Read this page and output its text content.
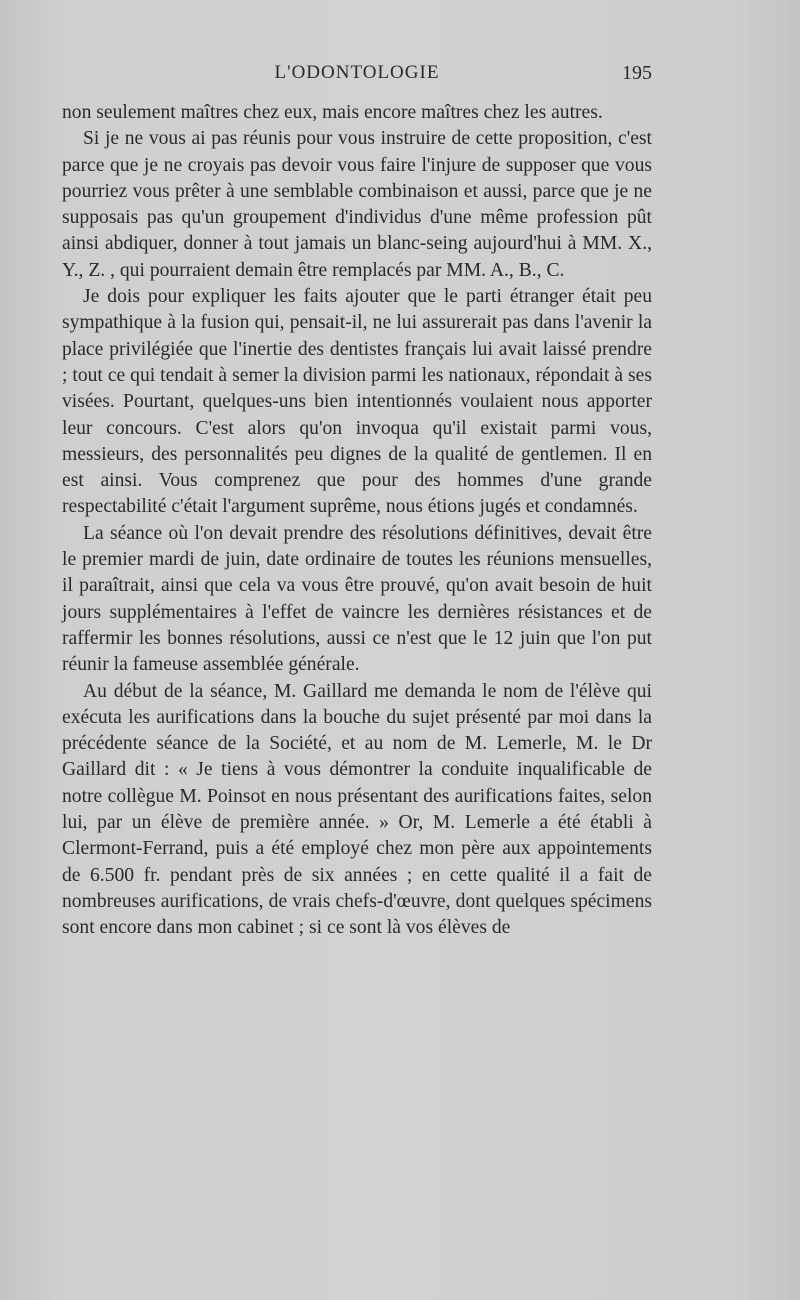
L'ODONTOLOGIE	195

non seulement maîtres chez eux, mais encore maîtres chez les autres.

Si je ne vous ai pas réunis pour vous instruire de cette proposition, c'est parce que je ne croyais pas devoir vous faire l'injure de supposer que vous pourriez vous prêter à une semblable combinaison et aussi, parce que je ne supposais pas qu'un groupement d'individus d'une même profession pût ainsi abdiquer, donner à tout jamais un blanc-seing aujourd'hui à MM. X., Y., Z. , qui pourraient demain être remplacés par MM. A., B., C.

Je dois pour expliquer les faits ajouter que le parti étranger était peu sympathique à la fusion qui, pensait-il, ne lui assurerait pas dans l'avenir la place privilégiée que l'inertie des dentistes français lui avait laissé prendre ; tout ce qui tendait à semer la division parmi les nationaux, répondait à ses visées. Pourtant, quelques-uns bien intentionnés voulaient nous apporter leur concours. C'est alors qu'on invoqua qu'il existait parmi vous, messieurs, des personnalités peu dignes de la qualité de gentlemen. Il en est ainsi. Vous comprenez que pour des hommes d'une grande respectabilité c'était l'argument suprême, nous étions jugés et condamnés.

La séance où l'on devait prendre des résolutions définitives, devait être le premier mardi de juin, date ordinaire de toutes les réunions mensuelles, il paraîtrait, ainsi que cela va vous être prouvé, qu'on avait besoin de huit jours supplémentaires à l'effet de vaincre les dernières résistances et de raffermir les bonnes résolutions, aussi ce n'est que le 12 juin que l'on put réunir la fameuse assemblée générale.

Au début de la séance, M. Gaillard me demanda le nom de l'élève qui exécuta les aurifications dans la bouche du sujet présenté par moi dans la précédente séance de la Société, et au nom de M. Lemerle, M. le Dr Gaillard dit : « Je tiens à vous démontrer la conduite inqualificable de notre collègue M. Poinsot en nous présentant des aurifications faites, selon lui, par un élève de première année. » Or, M. Lemerle a été établi à Clermont-Ferrand, puis a été employé chez mon père aux appointements de 6.500 fr. pendant près de six années ; en cette qualité il a fait de nombreuses aurifications, de vrais chefs-d'œuvre, dont quelques spécimens sont encore dans mon cabinet ; si ce sont là vos élèves de
